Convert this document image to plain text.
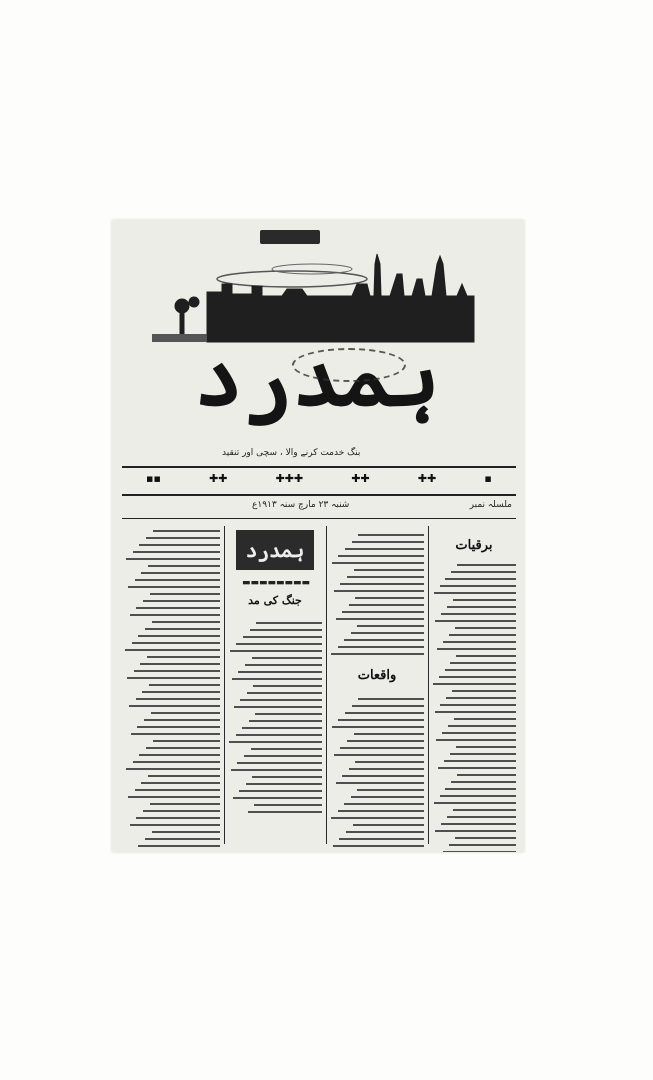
ہمدرد
بنگ خدمت کرنے والا ، سچی اور تنقید
▪▪	✚✚	✚✚✚	✚✚	✚✚	▪
ملسلہ نمبر
شنبہ ۲۳ مارچ سنہ ۱۹۱۳ع
برقیات
واقعات
ہمدرد
▬▬▬▬▬▬▬▬
جنگ کی مد
